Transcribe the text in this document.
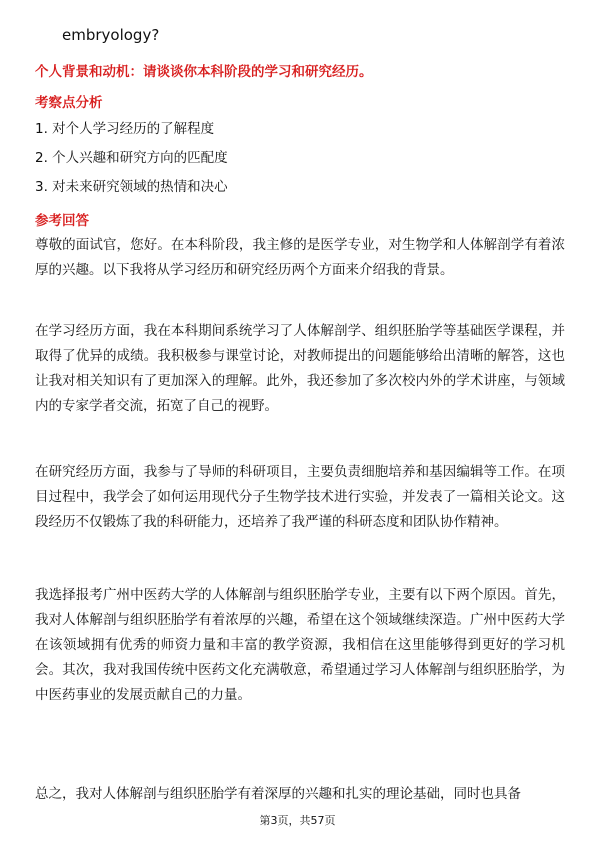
embryology?
个人背景和动机：请谈谈你本科阶段的学习和研究经历。
考察点分析
1. 对个人学习经历的了解程度
2. 个人兴趣和研究方向的匹配度
3. 对未来研究领域的热情和决心
参考回答
尊敬的面试官，您好。在本科阶段，我主修的是医学专业，对生物学和人体解剖学有着浓厚的兴趣。以下我将从学习经历和研究经历两个方面来介绍我的背景。
在学习经历方面，我在本科期间系统学习了人体解剖学、组织胚胎学等基础医学课程，并取得了优异的成绩。我积极参与课堂讨论，对教师提出的问题能够给出清晰的解答，这也让我对相关知识有了更加深入的理解。此外，我还参加了多次校内外的学术讲座，与领域内的专家学者交流，拓宽了自己的视野。
在研究经历方面，我参与了导师的科研项目，主要负责细胞培养和基因编辑等工作。在项目过程中，我学会了如何运用现代分子生物学技术进行实验，并发表了一篇相关论文。这段经历不仅锻炼了我的科研能力，还培养了我严谨的科研态度和团队协作精神。
我选择报考广州中医药大学的人体解剖与组织胚胎学专业，主要有以下两个原因。首先，我对人体解剖与组织胚胎学有着浓厚的兴趣，希望在这个领域继续深造。广州中医药大学在该领域拥有优秀的师资力量和丰富的教学资源，我相信在这里能够得到更好的学习机会。其次，我对我国传统中医药文化充满敬意，希望通过学习人体解剖与组织胚胎学，为中医药事业的发展贡献自己的力量。
总之，我对人体解剖与组织胚胎学有着深厚的兴趣和扎实的理论基础，同时也具备
第3页，共57页
